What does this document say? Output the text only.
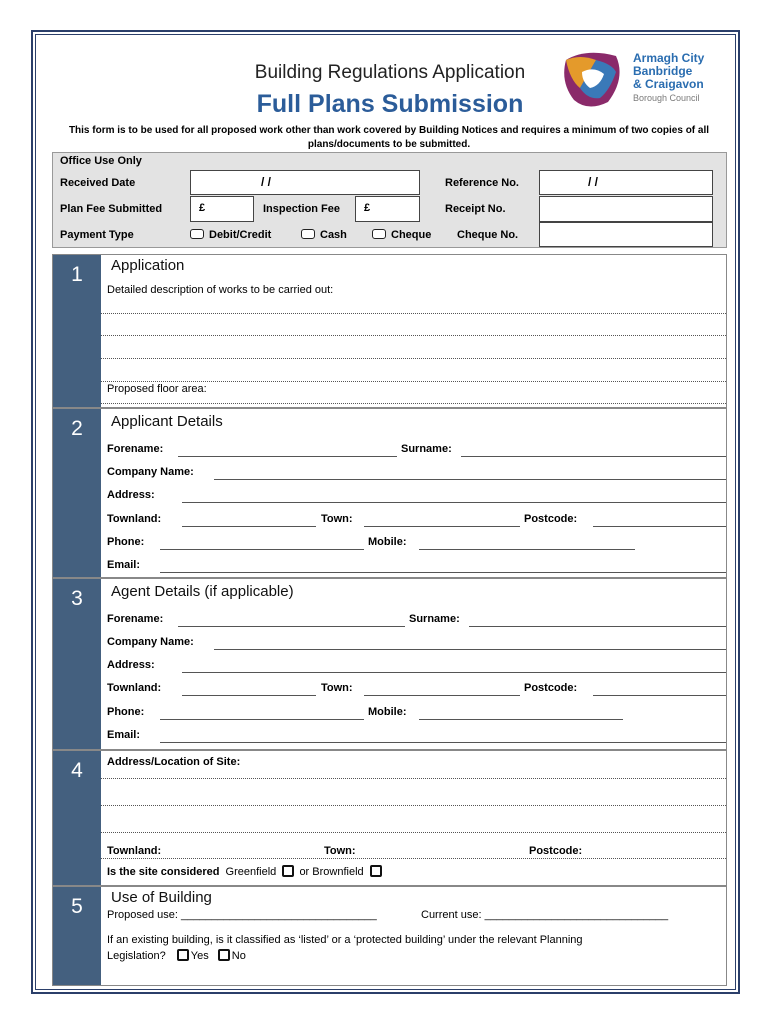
Building Regulations Application
Full Plans Submission
Armagh City
Banbridge
& Craigavon
Borough Council
This form is to be used for all proposed work other than work covered by Building Notices and requires a minimum of two copies of all plans/documents to be submitted.
Office Use Only
Received Date	/ /	Reference No.	/ /
Plan Fee Submitted	£	Inspection Fee	£	Receipt No.
Payment Type	Debit/Credit	Cash	Cheque Cheque No.
1	Application
Detailed description of works to be carried out:
Proposed floor area:
2	Applicant Details
Forename:	Surname:
Company Name:
Address:
Townland:	Town:	Postcode:
Phone:	Mobile:
Email:
3	Agent Details (if applicable)
Forename:	Surname:
Company Name:
Address:
Townland:	Town:	Postcode:
Phone:	Mobile:
Email:
4	Address/Location of Site:
Townland:	Town:	Postcode:
Is the site considered Greenfield or Brownfield
5	Use of Building
Proposed use: ________________________________	Current use: ______________________________
If an existing building, is it classified as ‘listed’ or a ‘protected building’ under the relevant Planning
Legislation? Yes No
